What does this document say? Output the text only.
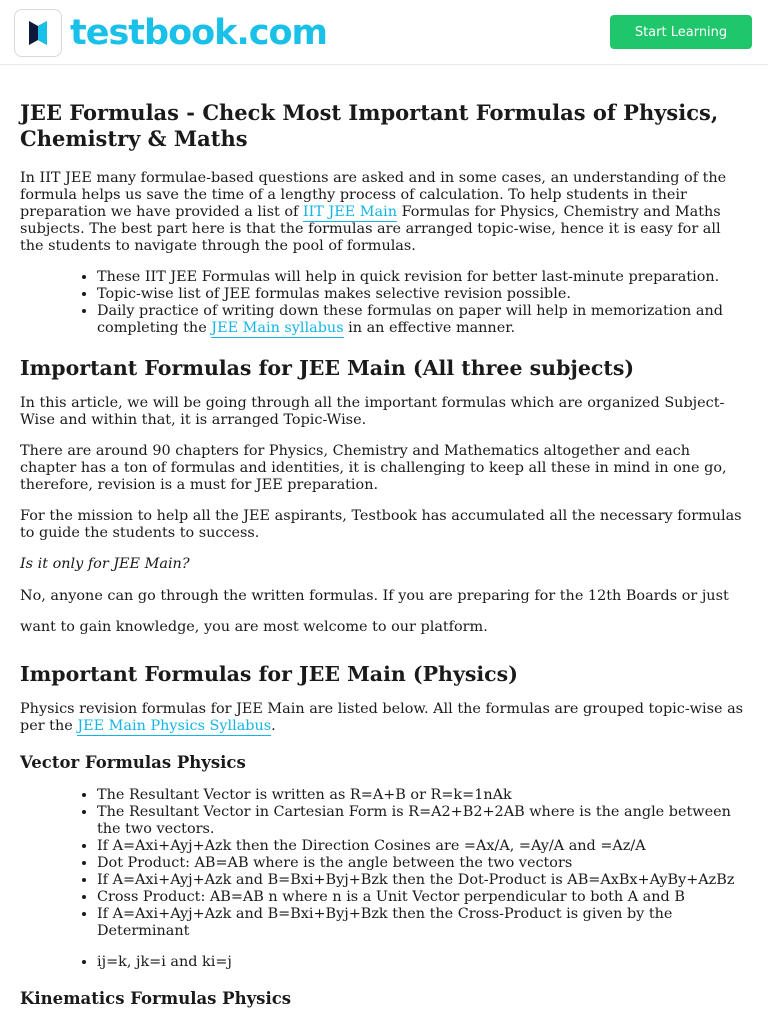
testbook.com	Start Learning
JEE Formulas - Check Most Important Formulas of Physics, Chemistry & Maths

In IIT JEE many formulae-based questions are asked and in some cases, an understanding of the formula helps us save the time of a lengthy process of calculation. To help students in their preparation we have provided a list of IIT JEE Main Formulas for Physics, Chemistry and Maths subjects. The best part here is that the formulas are arranged topic-wise, hence it is easy for all the students to navigate through the pool of formulas.

• These IIT JEE Formulas will help in quick revision for better last-minute preparation.
• Topic-wise list of JEE formulas makes selective revision possible.
• Daily practice of writing down these formulas on paper will help in memorization and completing the JEE Main syllabus in an effective manner.
Important Formulas for JEE Main (All three subjects)

In this article, we will be going through all the important formulas which are organized Subject-Wise and within that, it is arranged Topic-Wise.

There are around 90 chapters for Physics, Chemistry and Mathematics altogether and each chapter has a ton of formulas and identities, it is challenging to keep all these in mind in one go, therefore, revision is a must for JEE preparation.

For the mission to help all the JEE aspirants, Testbook has accumulated all the necessary formulas to guide the students to success.

Is it only for JEE Main?

No, anyone can go through the written formulas. If you are preparing for the 12th Boards or just want to gain knowledge, you are most welcome to our platform.

Important Formulas for JEE Main (Physics)

Physics revision formulas for JEE Main are listed below. All the formulas are grouped topic-wise as per the JEE Main Physics Syllabus.

Vector Formulas Physics
• The Resultant Vector is written as R=A+B or R=k=1nAk
• The Resultant Vector in Cartesian Form is R=A2+B2+2AB where is the angle between the two vectors.
• If A=Axi+Ayj+Azk then the Direction Cosines are =Ax/A, =Ay/A and =Az/A
• Dot Product: AB=AB where is the angle between the two vectors
• If A=Axi+Ayj+Azk and B=Bxi+Byj+Bzk then the Dot-Product is AB=AxBx+AyBy+AzBz
• Cross Product: AB=AB n where n is a Unit Vector perpendicular to both A and B
• If A=Axi+Ayj+Azk and B=Bxi+Byj+Bzk then the Cross-Product is given by the Determinant
• ij=k, jk=i and ki=j
Kinematics Formulas Physics
